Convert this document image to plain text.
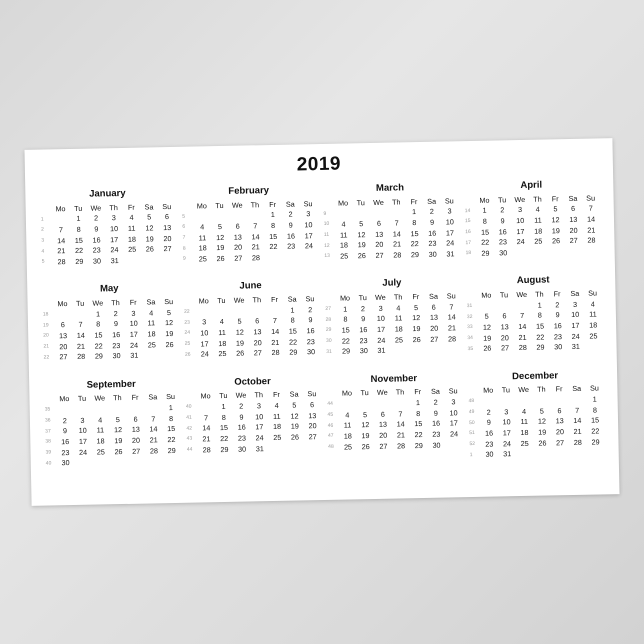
2019
January
	Mo	Tu	We	Th	Fr	Sa	Su
1		1	2	3	4	5	6
2	7	8	9	10	11	12	13
3	14	15	16	17	18	19	20
4	21	22	23	24	25	26	27
5	28	29	30	31			

February
	Mo	Tu	We	Th	Fr	Sa	Su
5					1	2	3
6	4	5	6	7	8	9	10
7	11	12	13	14	15	16	17
8	18	19	20	21	22	23	24
9	25	26	27	28			

March
	Mo	Tu	We	Th	Fr	Sa	Su
9					1	2	3
10	4	5	6	7	8	9	10
11	11	12	13	14	15	16	17
12	18	19	20	21	22	23	24
13	25	26	27	28	29	30	31

April
	Mo	Tu	We	Th	Fr	Sa	Su
14	1	2	3	4	5	6	7
15	8	9	10	11	12	13	14
16	15	16	17	18	19	20	21
17	22	23	24	25	26	27	28
18	29	30					

May
	Mo	Tu	We	Th	Fr	Sa	Su
18			1	2	3	4	5
19	6	7	8	9	10	11	12
20	13	14	15	16	17	18	19
21	20	21	22	23	24	25	26
22	27	28	29	30	31		

June
	Mo	Tu	We	Th	Fr	Sa	Su
22						1	2
23	3	4	5	6	7	8	9
24	10	11	12	13	14	15	16
25	17	18	19	20	21	22	23
26	24	25	26	27	28	29	30

July
	Mo	Tu	We	Th	Fr	Sa	Su
27	1	2	3	4	5	6	7
28	8	9	10	11	12	13	14
29	15	16	17	18	19	20	21
30	22	23	24	25	26	27	28
31	29	30	31				

August
	Mo	Tu	We	Th	Fr	Sa	Su
31				1	2	3	4
32	5	6	7	8	9	10	11
33	12	13	14	15	16	17	18
34	19	20	21	22	23	24	25
35	26	27	28	29	30	31	

September
	Mo	Tu	We	Th	Fr	Sa	Su
35							1
36	2	3	4	5	6	7	8
37	9	10	11	12	13	14	15
38	16	17	18	19	20	21	22
39	23	24	25	26	27	28	29
40	30						
October
	Mo	Tu	We	Th	Fr	Sa	Su
40		1	2	3	4	5	6
41	7	8	9	10	11	12	13
42	14	15	16	17	18	19	20
43	21	22	23	24	25	26	27
44	28	29	30	31			

November
	Mo	Tu	We	Th	Fr	Sa	Su
44					1	2	3
45	4	5	6	7	8	9	10
46	11	12	13	14	15	16	17
47	18	19	20	21	22	23	24
48	25	26	27	28	29	30	

December
	Mo	Tu	We	Th	Fr	Sa	Su
48							1
49	2	3	4	5	6	7	8
50	9	10	11	12	13	14	15
51	16	17	18	19	20	21	22
52	23	24	25	26	27	28	29
1	30	31					
